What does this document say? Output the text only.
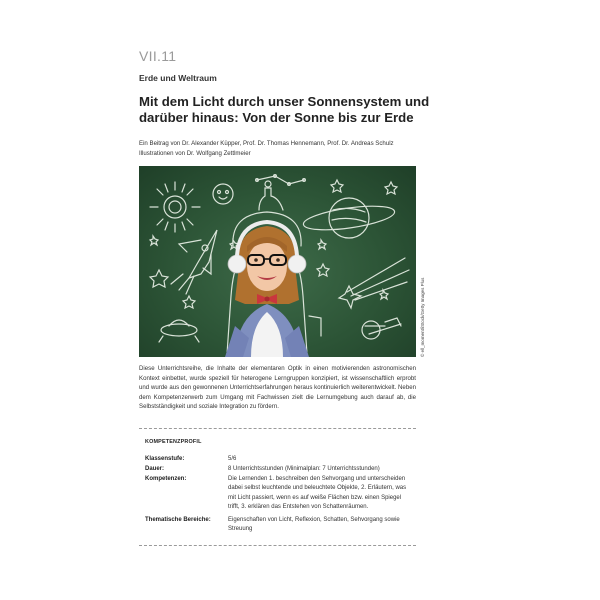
VII.11
Erde und Weltraum
Mit dem Licht durch unser Sonnensystem und
darüber hinaus: Von der Sonne bis zur Erde
Ein Beitrag von Dr. Alexander Küpper, Prof. Dr. Thomas Hennemann, Prof. Dr. Andreas Schulz
Illustrationen von Dr. Wolfgang Zettlmeier
© ell_moment/iStock/Getty Images Plus
Diese Unterrichtsreihe, die Inhalte der elementaren Optik in einen motivierenden astronomischen Kontext einbettet, wurde speziell für heterogene Lerngruppen konzipiert, ist wissenschaftlich erprobt und wurde aus den gewonnenen Unterrichtserfahrungen heraus kontinuierlich weiterentwickelt. Neben dem Kompetenzerwerb zum Umgang mit Fachwissen zielt die Lernumgebung auch darauf ab, die Selbstständigkeit und soziale Integration zu fördern.
KOMPETENZPROFIL
Klassenstufe:	5/6
Dauer:	8 Unterrichtsstunden (Minimalplan: 7 Unterrichtsstunden)
Kompetenzen:	Die Lernenden 1. beschreiben den Sehvorgang und unterscheiden dabei selbst leuchtende und beleuchtete Objekte, 2. Erläutern, was mit Licht passiert, wenn es auf weiße Flächen bzw. einen Spiegel trifft, 3. erklären das Entstehen von Schattenräumen.
Thematische Bereiche:	Eigenschaften von Licht, Reflexion, Schatten, Sehvorgang sowie Streuung
